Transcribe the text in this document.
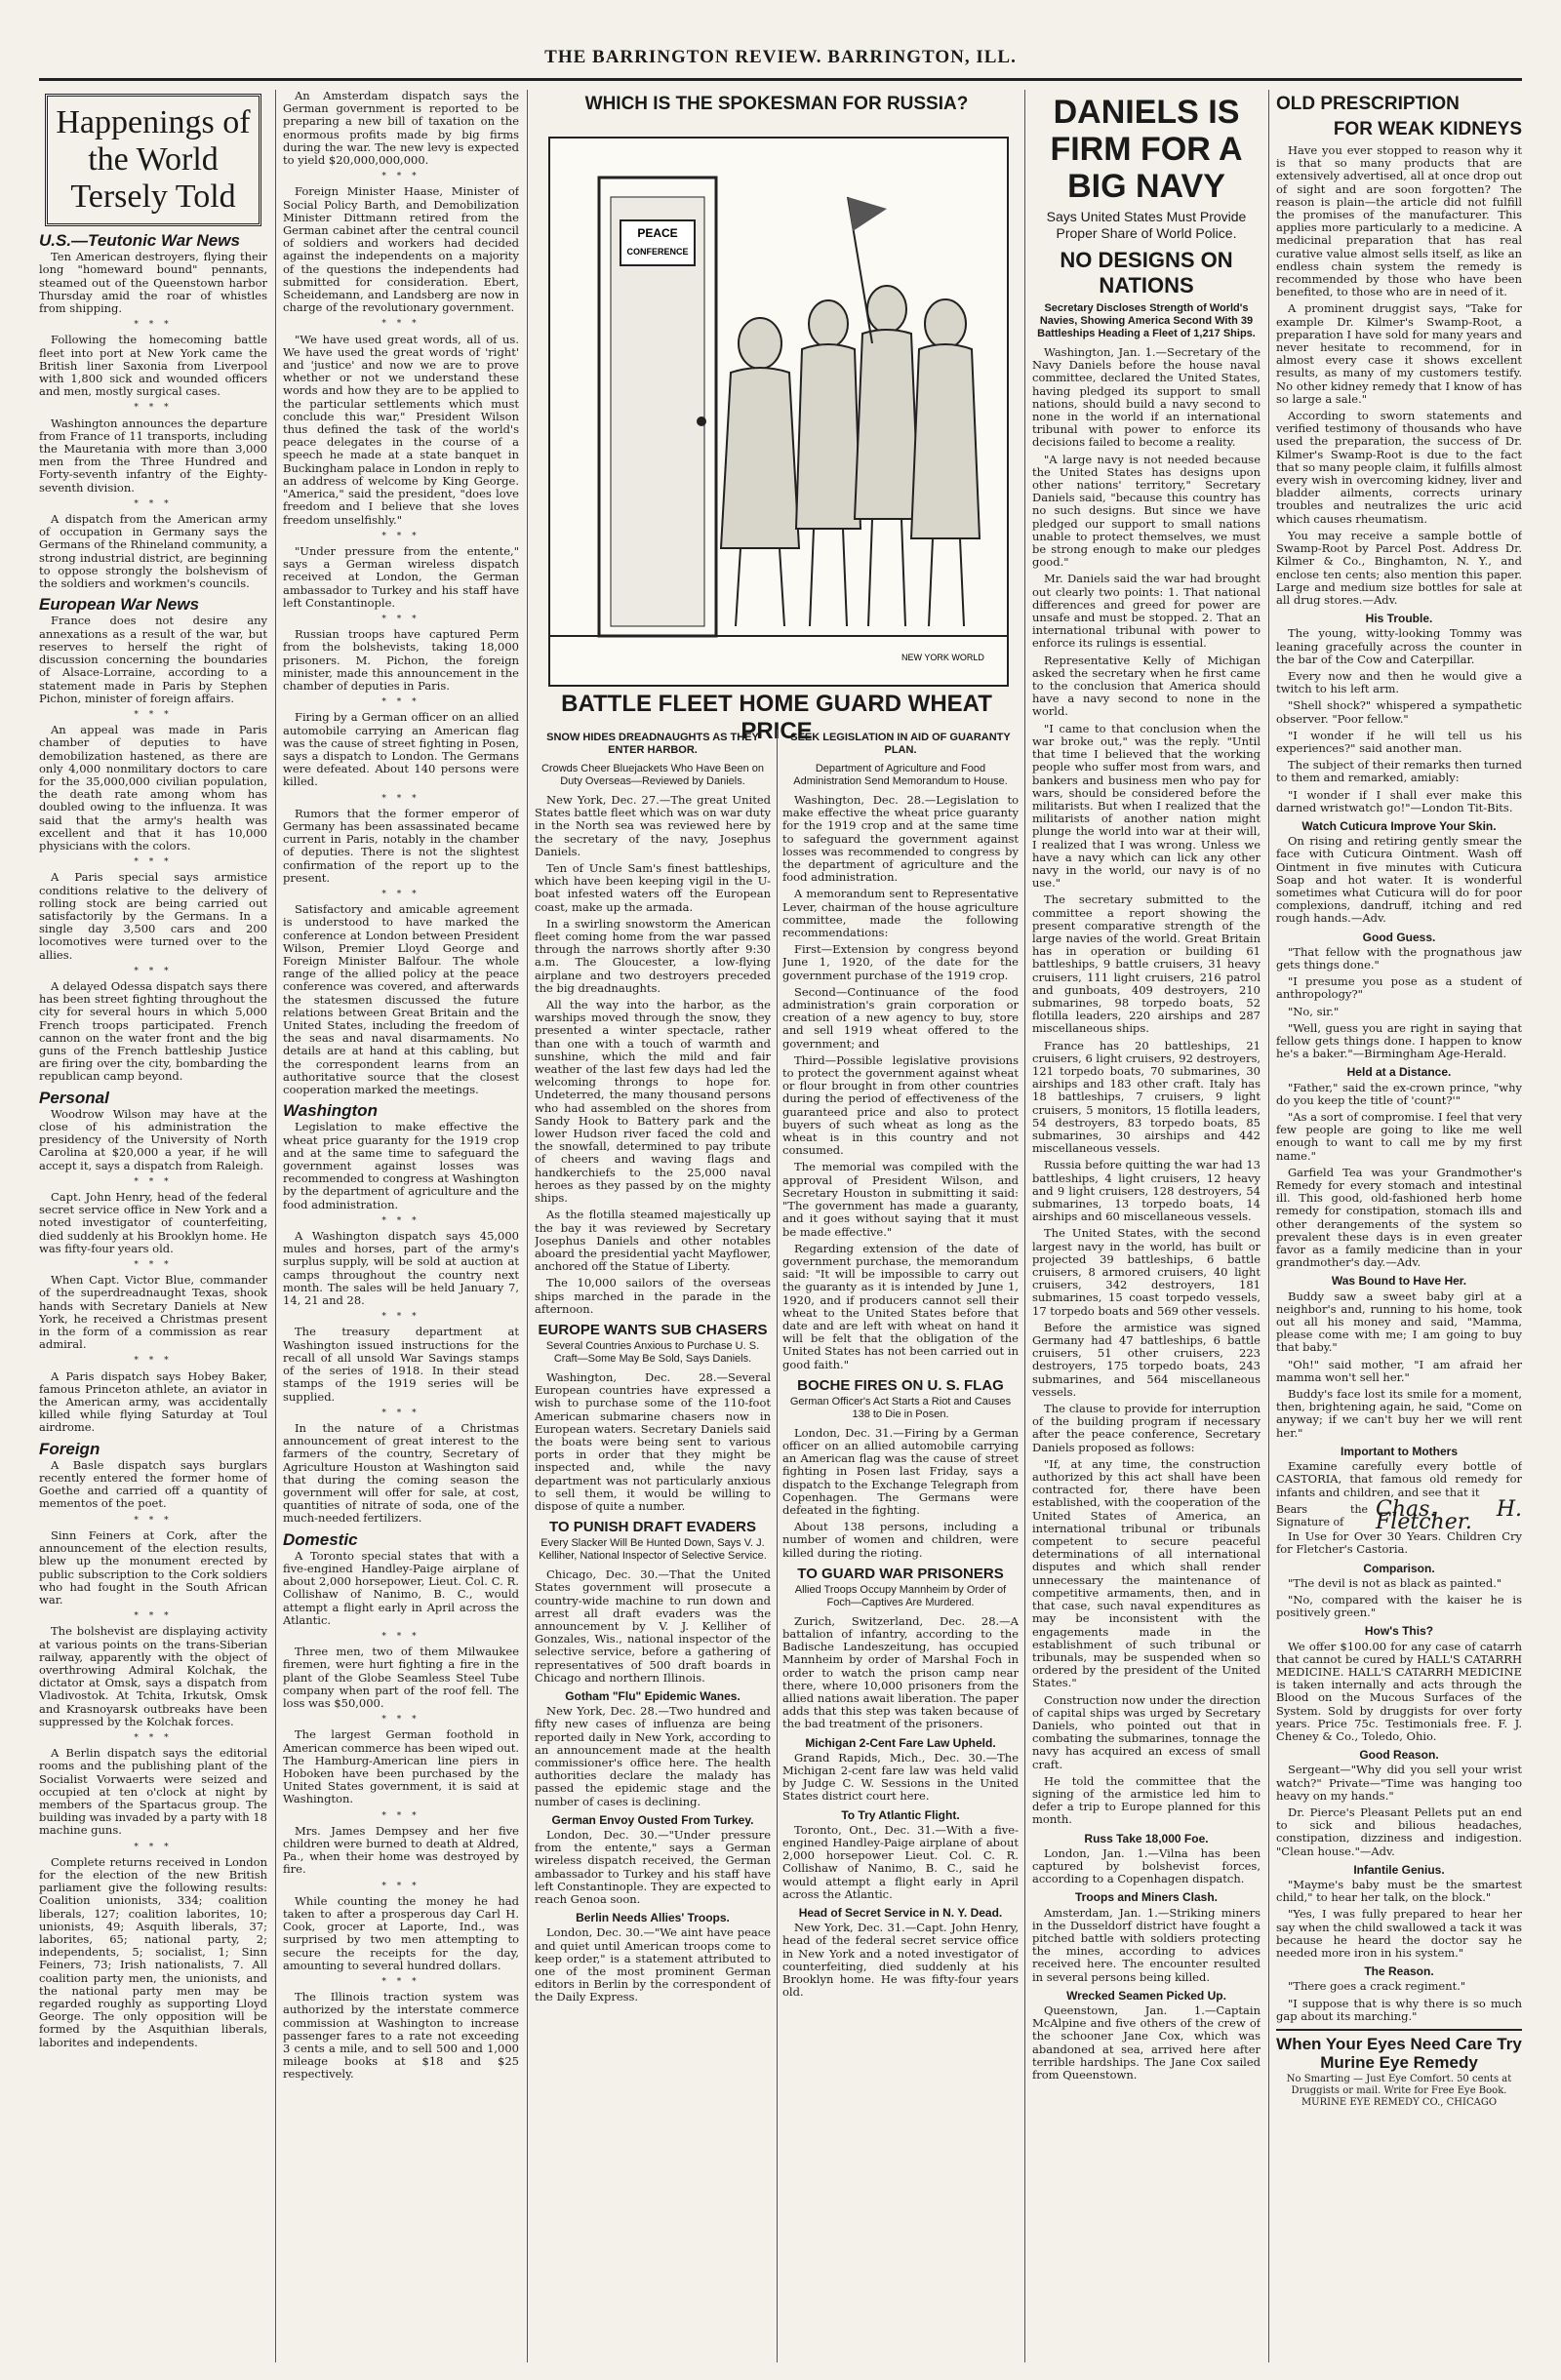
THE BARRINGTON REVIEW. BARRINGTON, ILL.
Happenings of the World Tersely Told
U.S.—Teutonic War News

Ten American destroyers, flying their long "homeward bound" pennants, steamed out of the Queenstown harbor Thursday amid the roar of whistles from shipping.

* * *

Following the homecoming battle fleet into port at New York came the British liner Saxonia from Liverpool with 1,800 sick and wounded officers and men, mostly surgical cases.

* * *

Washington announces the departure from France of 11 transports, including the Mauretania with more than 3,000 men from the Three Hundred and Forty-seventh infantry of the Eighty-seventh division.

* * *

A dispatch from the American army of occupation in Germany says the Germans of the Rhineland community, a strong industrial district, are beginning to oppose strongly the bolshevism of the soldiers and workmen's councils.

European War News

France does not desire any annexations as a result of the war, but reserves to herself the right of discussion concerning the boundaries of Alsace-Lorraine, according to a statement made in Paris by Stephen Pichon, minister of foreign affairs.

* * *

An appeal was made in Paris chamber of deputies to have demobilization hastened, as there are only 4,000 nonmilitary doctors to care for the 35,000,000 civilian population, the death rate among whom has doubled owing to the influenza. It was said that the army's health was excellent and that it has 10,000 physicians with the colors.

* * *

A Paris special says armistice conditions relative to the delivery of rolling stock are being carried out satisfactorily by the Germans. In a single day 3,500 cars and 200 locomotives were turned over to the allies.

* * *

A delayed Odessa dispatch says there has been street fighting throughout the city for several hours in which 5,000 French troops participated. French cannon on the water front and the big guns of the French battleship Justice are firing over the city, bombarding the republican camp beyond.

Personal

Woodrow Wilson may have at the close of his administration the presidency of the University of North Carolina at $20,000 a year, if he will accept it, says a dispatch from Raleigh.

* * *

Capt. John Henry, head of the federal secret service office in New York and a noted investigator of counterfeiting, died suddenly at his Brooklyn home. He was fifty-four years old.

* * *

When Capt. Victor Blue, commander of the superdreadnaught Texas, shook hands with Secretary Daniels at New York, he received a Christmas present in the form of a commission as rear admiral.

* * *

A Paris dispatch says Hobey Baker, famous Princeton athlete, an aviator in the American army, was accidentally killed while flying Saturday at Toul airdrome.

Foreign

A Basle dispatch says burglars recently entered the former home of Goethe and carried off a quantity of mementos of the poet.

* * *

Sinn Feiners at Cork, after the announcement of the election results, blew up the monument erected by public subscription to the Cork soldiers who had fought in the South African war.

* * *

The bolshevist are displaying activity at various points on the trans-Siberian railway, apparently with the object of overthrowing Admiral Kolchak, the dictator at Omsk, says a dispatch from Vladivostok. At Tchita, Irkutsk, Omsk and Krasnoyarsk outbreaks have been suppressed by the Kolchak forces.

* * *

A Berlin dispatch says the editorial rooms and the publishing plant of the Socialist Vorwaerts were seized and occupied at ten o'clock at night by members of the Spartacus group. The building was invaded by a party with 18 machine guns.

* * *

Complete returns received in London for the election of the new British parliament give the following results: Coalition unionists, 334; coalition liberals, 127; coalition laborites, 10; unionists, 49; Asquith liberals, 37; laborites, 65; national party, 2; independents, 5; socialist, 1; Sinn Feiners, 73; Irish nationalists, 7. All coalition party men, the unionists, and the national party men may be regarded roughly as supporting Lloyd George. The only opposition will be formed by the Asquithian liberals, laborites and independents.

An Amsterdam dispatch says the German government is reported to be preparing a new bill of taxation on the enormous profits made by big firms during the war. The new levy is expected to yield $20,000,000,000.

* * *

Foreign Minister Haase, Minister of Social Policy Barth, and Demobilization Minister Dittmann retired from the German cabinet after the central council of soldiers and workers had decided against the independents on a majority of the questions the independents had submitted for consideration. Ebert, Scheidemann, and Landsberg are now in charge of the revolutionary government.

* * *

"We have used great words, all of us. We have used the great words of 'right' and 'justice' and now we are to prove whether or not we understand these words and how they are to be applied to the particular settlements which must conclude this war," President Wilson thus defined the task of the world's peace delegates in the course of a speech he made at a state banquet in Buckingham palace in London in reply to an address of welcome by King George. "America," said the president, "does love freedom and I believe that she loves freedom unselfishly."

* * *

"Under pressure from the entente," says a German wireless dispatch received at London, the German ambassador to Turkey and his staff have left Constantinople.

* * *

Russian troops have captured Perm from the bolshevists, taking 18,000 prisoners. M. Pichon, the foreign minister, made this announcement in the chamber of deputies in Paris.

* * *

Firing by a German officer on an allied automobile carrying an American flag was the cause of street fighting in Posen, says a dispatch to London. The Germans were defeated. About 140 persons were killed.

* * *

Rumors that the former emperor of Germany has been assassinated became current in Paris, notably in the chamber of deputies. There is not the slightest confirmation of the report up to the present.

* * *

Satisfactory and amicable agreement is understood to have marked the conference at London between President Wilson, Premier Lloyd George and Foreign Minister Balfour. The whole range of the allied policy at the peace conference was covered, and afterwards the statesmen discussed the future relations between Great Britain and the United States, including the freedom of the seas and naval disarmaments. No details are at hand at this cabling, but the correspondent learns from an authoritative source that the closest cooperation marked the meetings.

Washington

Legislation to make effective the wheat price guaranty for the 1919 crop and at the same time to safeguard the government against losses was recommended to congress at Washington by the department of agriculture and the food administration.

* * *

A Washington dispatch says 45,000 mules and horses, part of the army's surplus supply, will be sold at auction at camps throughout the country next month. The sales will be held January 7, 14, 21 and 28.

* * *

The treasury department at Washington issued instructions for the recall of all unsold War Savings stamps of the series of 1918. In their stead stamps of the 1919 series will be supplied.

* * *

In the nature of a Christmas announcement of great interest to the farmers of the country, Secretary of Agriculture Houston at Washington said that during the coming season the government will offer for sale, at cost, quantities of nitrate of soda, one of the much-needed fertilizers.

Domestic

A Toronto special states that with a five-engined Handley-Paige airplane of about 2,000 horsepower, Lieut. Col. C. R. Collishaw of Nanimo, B. C., would attempt a flight early in April across the Atlantic.

* * *

Three men, two of them Milwaukee firemen, were hurt fighting a fire in the plant of the Globe Seamless Steel Tube company when part of the roof fell. The loss was $50,000.

* * *

The largest German foothold in American commerce has been wiped out. The Hamburg-American line piers in Hoboken have been purchased by the United States government, it is said at Washington.

* * *

Mrs. James Dempsey and her five children were burned to death at Aldred, Pa., when their home was destroyed by fire.

* * *

While counting the money he had taken to after a prosperous day Carl H. Cook, grocer at Laporte, Ind., was surprised by two men attempting to secure the receipts for the day, amounting to several hundred dollars.

* * *

The Illinois traction system was authorized by the interstate commerce commission at Washington to increase passenger fares to a rate not exceeding 3 cents a mile, and to sell 500 and 1,000 mileage books at $18 and $25 respectively.

WHICH IS THE SPOKESMAN FOR RUSSIA?
PEACE
CONFERENCE
NEW YORK WORLD
BATTLE FLEET HOME GUARD WHEAT PRICE
SNOW HIDES DREADNAUGHTS AS THEY ENTER HARBOR.
Crowds Cheer Bluejackets Who Have Been on Duty Overseas—Reviewed by Daniels.

New York, Dec. 27.—The great United States battle fleet which was on war duty in the North sea was reviewed here by the secretary of the navy, Josephus Daniels.

Ten of Uncle Sam's finest battleships, which have been keeping vigil in the U-boat infested waters off the European coast, make up the armada.

In a swirling snowstorm the American fleet coming home from the war passed through the narrows shortly after 9:30 a.m. The Gloucester, a low-flying airplane and two destroyers preceded the big dreadnaughts.

All the way into the harbor, as the warships moved through the snow, they presented a winter spectacle, rather than one with a touch of warmth and sunshine, which the mild and fair weather of the last few days had led the welcoming throngs to hope for. Undeterred, the many thousand persons who had assembled on the shores from Sandy Hook to Battery park and the lower Hudson river faced the cold and the snowfall, determined to pay tribute of cheers and waving flags and handkerchiefs to the 25,000 naval heroes as they passed by on the mighty ships.

As the flotilla steamed majestically up the bay it was reviewed by Secretary Josephus Daniels and other notables aboard the presidential yacht Mayflower, anchored off the Statue of Liberty.

The 10,000 sailors of the overseas ships marched in the parade in the afternoon.

EUROPE WANTS SUB CHASERS
Several Countries Anxious to Purchase U. S. Craft—Some May Be Sold, Says Daniels.

Washington, Dec. 28.—Several European countries have expressed a wish to purchase some of the 110-foot American submarine chasers now in European waters. Secretary Daniels said the boats were being sent to various ports in order that they might be inspected and, while the navy department was not particularly anxious to sell them, it would be willing to dispose of quite a number.

TO PUNISH DRAFT EVADERS
Every Slacker Will Be Hunted Down, Says V. J. Kelliher, National Inspector of Selective Service.

Chicago, Dec. 30.—That the United States government will prosecute a country-wide machine to run down and arrest all draft evaders was the announcement by V. J. Kelliher of Gonzales, Wis., national inspector of the selective service, before a gathering of representatives of 500 draft boards in Chicago and northern Illinois.

Gotham "Flu" Epidemic Wanes.

New York, Dec. 28.—Two hundred and fifty new cases of influenza are being reported daily in New York, according to an announcement made at the health commissioner's office here. The health authorities declare the malady has passed the epidemic stage and the number of cases is declining.

German Envoy Ousted From Turkey.

London, Dec. 30.—"Under pressure from the entente," says a German wireless dispatch received, the German ambassador to Turkey and his staff have left Constantinople. They are expected to reach Genoa soon.

Berlin Needs Allies' Troops.

London, Dec. 30.—"We aint have peace and quiet until American troops come to keep order," is a statement attributed to one of the most prominent German editors in Berlin by the correspondent of the Daily Express.

SEEK LEGISLATION IN AID OF GUARANTY PLAN.
Department of Agriculture and Food Administration Send Memorandum to House.

Washington, Dec. 28.—Legislation to make effective the wheat price guaranty for the 1919 crop and at the same time to safeguard the government against losses was recommended to congress by the department of agriculture and the food administration.

A memorandum sent to Representative Lever, chairman of the house agriculture committee, made the following recommendations:

First—Extension by congress beyond June 1, 1920, of the date for the government purchase of the 1919 crop.

Second—Continuance of the food administration's grain corporation or creation of a new agency to buy, store and sell 1919 wheat offered to the government; and

Third—Possible legislative provisions to protect the government against wheat or flour brought in from other countries during the period of effectiveness of the guaranteed price and also to protect buyers of such wheat as long as the wheat is in this country and not consumed.

The memorial was compiled with the approval of President Wilson, and Secretary Houston in submitting it said: "The government has made a guaranty, and it goes without saying that it must be made effective."

Regarding extension of the date of government purchase, the memorandum said: "It will be impossible to carry out the guaranty as it is intended by June 1, 1920, and if producers cannot sell their wheat to the United States before that date and are left with wheat on hand it will be felt that the obligation of the United States has not been carried out in good faith."

BOCHE FIRES ON U. S. FLAG
German Officer's Act Starts a Riot and Causes 138 to Die in Posen.

London, Dec. 31.—Firing by a German officer on an allied automobile carrying an American flag was the cause of street fighting in Posen last Friday, says a dispatch to the Exchange Telegraph from Copenhagen. The Germans were defeated in the fighting.

About 138 persons, including a number of women and children, were killed during the rioting.

TO GUARD WAR PRISONERS
Allied Troops Occupy Mannheim by Order of Foch—Captives Are Murdered.

Zurich, Switzerland, Dec. 28.—A battalion of infantry, according to the Badische Landeszeitung, has occupied Mannheim by order of Marshal Foch in order to watch the prison camp near there, where 10,000 prisoners from the allied nations await liberation. The paper adds that this step was taken because of the bad treatment of the prisoners.

Michigan 2-Cent Fare Law Upheld.

Grand Rapids, Mich., Dec. 30.—The Michigan 2-cent fare law was held valid by Judge C. W. Sessions in the United States district court here.

To Try Atlantic Flight.

Toronto, Ont., Dec. 31.—With a five-engined Handley-Paige airplane of about 2,000 horsepower Lieut. Col. C. R. Collishaw of Nanimo, B. C., said he would attempt a flight early in April across the Atlantic.

Head of Secret Service in N. Y. Dead.

New York, Dec. 31.—Capt. John Henry, head of the federal secret service office in New York and a noted investigator of counterfeiting, died suddenly at his Brooklyn home. He was fifty-four years old.

DANIELS IS FIRM FOR A BIG NAVY
Says United States Must Provide Proper Share of World Police.
NO DESIGNS ON NATIONS
Secretary Discloses Strength of World's Navies, Showing America Second With 39 Battleships Heading a Fleet of 1,217 Ships.

Washington, Jan. 1.—Secretary of the Navy Daniels before the house naval committee, declared the United States, having pledged its support to small nations, should build a navy second to none in the world if an international tribunal with power to enforce its decisions failed to become a reality.

"A large navy is not needed because the United States has designs upon other nations' territory," Secretary Daniels said, "because this country has no such designs. But since we have pledged our support to small nations unable to protect themselves, we must be strong enough to make our pledges good."

Mr. Daniels said the war had brought out clearly two points: 1. That national differences and greed for power are unsafe and must be stopped. 2. That an international tribunal with power to enforce its rulings is essential.

Representative Kelly of Michigan asked the secretary when he first came to the conclusion that America should have a navy second to none in the world.

"I came to that conclusion when the war broke out," was the reply. "Until that time I believed that the working people who suffer most from wars, and bankers and business men who pay for wars, should be considered before the militarists. But when I realized that the militarists of another nation might plunge the world into war at their will, I realized that I was wrong. Unless we have a navy which can lick any other navy in the world, our navy is of no use."

The secretary submitted to the committee a report showing the present comparative strength of the large navies of the world. Great Britain has in operation or building 61 battleships, 9 battle cruisers, 31 heavy cruisers, 111 light cruisers, 216 patrol and gunboats, 409 destroyers, 210 submarines, 98 torpedo boats, 52 flotilla leaders, 220 airships and 287 miscellaneous ships.

France has 20 battleships, 21 cruisers, 6 light cruisers, 92 destroyers, 121 torpedo boats, 70 submarines, 30 airships and 183 other craft. Italy has 18 battleships, 7 cruisers, 9 light cruisers, 5 monitors, 15 flotilla leaders, 54 destroyers, 83 torpedo boats, 85 submarines, 30 airships and 442 miscellaneous vessels.

Russia before quitting the war had 13 battleships, 4 light cruisers, 12 heavy and 9 light cruisers, 128 destroyers, 54 submarines, 13 torpedo boats, 14 airships and 60 miscellaneous vessels.

The United States, with the second largest navy in the world, has built or projected 39 battleships, 6 battle cruisers, 8 armored cruisers, 40 light cruisers, 342 destroyers, 181 submarines, 15 coast torpedo vessels, 17 torpedo boats and 569 other vessels.

Before the armistice was signed Germany had 47 battleships, 6 battle cruisers, 51 other cruisers, 223 destroyers, 175 torpedo boats, 243 submarines, and 564 miscellaneous vessels.

The clause to provide for interruption of the building program if necessary after the peace conference, Secretary Daniels proposed as follows:

"If, at any time, the construction authorized by this act shall have been contracted for, there have been established, with the cooperation of the United States of America, an international tribunal or tribunals competent to secure peaceful determinations of all international disputes and which shall render unnecessary the maintenance of competitive armaments, then, and in that case, such naval expenditures as may be inconsistent with the engagements made in the establishment of such tribunal or tribunals, may be suspended when so ordered by the president of the United States."

Construction now under the direction of capital ships was urged by Secretary Daniels, who pointed out that in combating the submarines, tonnage the navy has acquired an excess of small craft.

He told the committee that the signing of the armistice led him to defer a trip to Europe planned for this month.

Russ Take 18,000 Foe.

London, Jan. 1.—Vilna has been captured by bolshevist forces, according to a Copenhagen dispatch.

Troops and Miners Clash.

Amsterdam, Jan. 1.—Striking miners in the Dusseldorf district have fought a pitched battle with soldiers protecting the mines, according to advices received here. The encounter resulted in several persons being killed.

Wrecked Seamen Picked Up.

Queenstown, Jan. 1.—Captain McAlpine and five others of the crew of the schooner Jane Cox, which was abandoned at sea, arrived here after terrible hardships. The Jane Cox sailed from Queenstown.

OLD PRESCRIPTION
FOR WEAK KIDNEYS

Have you ever stopped to reason why it is that so many products that are extensively advertised, all at once drop out of sight and are soon forgotten? The reason is plain—the article did not fulfill the promises of the manufacturer. This applies more particularly to a medicine. A medicinal preparation that has real curative value almost sells itself, as like an endless chain system the remedy is recommended by those who have been benefited, to those who are in need of it.

A prominent druggist says, "Take for example Dr. Kilmer's Swamp-Root, a preparation I have sold for many years and never hesitate to recommend, for in almost every case it shows excellent results, as many of my customers testify. No other kidney remedy that I know of has so large a sale."

According to sworn statements and verified testimony of thousands who have used the preparation, the success of Dr. Kilmer's Swamp-Root is due to the fact that so many people claim, it fulfills almost every wish in overcoming kidney, liver and bladder ailments, corrects urinary troubles and neutralizes the uric acid which causes rheumatism.

You may receive a sample bottle of Swamp-Root by Parcel Post. Address Dr. Kilmer & Co., Binghamton, N. Y., and enclose ten cents; also mention this paper. Large and medium size bottles for sale at all drug stores.—Adv.

His Trouble.

The young, witty-looking Tommy was leaning gracefully across the counter in the bar of the Cow and Caterpillar.

Every now and then he would give a twitch to his left arm.

"Shell shock?" whispered a sympathetic observer. "Poor fellow."

"I wonder if he will tell us his experiences?" said another man.

The subject of their remarks then turned to them and remarked, amiably:

"I wonder if I shall ever make this darned wristwatch go!"—London Tit-Bits.

Watch Cuticura Improve Your Skin.

On rising and retiring gently smear the face with Cuticura Ointment. Wash off Ointment in five minutes with Cuticura Soap and hot water. It is wonderful sometimes what Cuticura will do for poor complexions, dandruff, itching and red rough hands.—Adv.

Good Guess.

"That fellow with the prognathous jaw gets things done."

"I presume you pose as a student of anthropology?"

"No, sir."

"Well, guess you are right in saying that fellow gets things done. I happen to know he's a baker."—Birmingham Age-Herald.

Held at a Distance.

"Father," said the ex-crown prince, "why do you keep the title of 'count?'"

"As a sort of compromise. I feel that very few people are going to like me well enough to want to call me by my first name."

Garfield Tea was your Grandmother's Remedy for every stomach and intestinal ill. This good, old-fashioned herb home remedy for constipation, stomach ills and other derangements of the system so prevalent these days is in even greater favor as a family medicine than in your grandmother's day.—Adv.

Was Bound to Have Her.

Buddy saw a sweet baby girl at a neighbor's and, running to his home, took out all his money and said, "Mamma, please come with me; I am going to buy that baby."

"Oh!" said mother, "I am afraid her mamma won't sell her."

Buddy's face lost its smile for a moment, then, brightening again, he said, "Come on anyway; if we can't buy her we will rent her."

Important to Mothers

Examine carefully every bottle of CASTORIA, that famous old remedy for infants and children, and see that it

Bears the Signature of
Chas. H. Fletcher.

In Use for Over 30 Years. Children Cry for Fletcher's Castoria.

Comparison.

"The devil is not as black as painted."

"No, compared with the kaiser he is positively green."

How's This?

We offer $100.00 for any case of catarrh that cannot be cured by HALL'S CATARRH MEDICINE. HALL'S CATARRH MEDICINE is taken internally and acts through the Blood on the Mucous Surfaces of the System. Sold by druggists for over forty years. Price 75c. Testimonials free. F. J. Cheney & Co., Toledo, Ohio.

Good Reason.

Sergeant—"Why did you sell your wrist watch?" Private—"Time was hanging too heavy on my hands."

Dr. Pierce's Pleasant Pellets put an end to sick and bilious headaches, constipation, dizziness and indigestion. "Clean house."—Adv.

Infantile Genius.

"Mayme's baby must be the smartest child," to hear her talk, on the block."

"Yes, I was fully prepared to hear her say when the child swallowed a tack it was because he heard the doctor say he needed more iron in his system."

The Reason.

"There goes a crack regiment."

"I suppose that is why there is so much gap about its marching."

When Your Eyes Need Care Try Murine Eye Remedy
No Smarting — Just Eye Comfort. 50 cents at Druggists or mail. Write for Free Eye Book. MURINE EYE REMEDY CO., CHICAGO
